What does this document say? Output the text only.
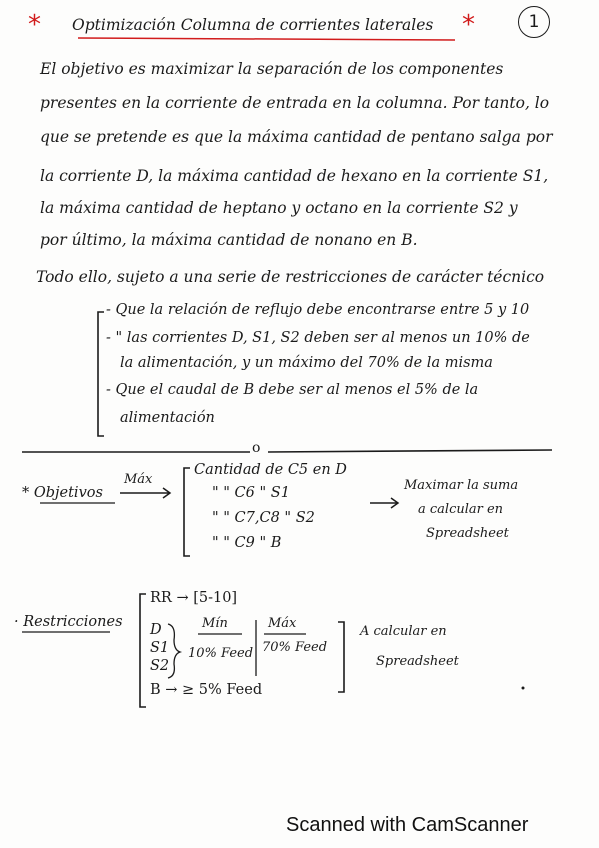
* Optimización Columna de corrientes laterales *	1
El objetivo es maximizar la separación de los componentes
presentes en la corriente de entrada en la columna. Por tanto, lo
que se pretende es que la máxima cantidad de pentano salga por
la corriente D, la máxima cantidad de hexano en la corriente S1,
la máxima cantidad de heptano y octano en la corriente S2 y
por último, la máxima cantidad de nonano en B.
Todo ello, sujeto a una serie de restricciones de carácter técnico
- Que la relación de reflujo debe encontrarse entre 5 y 10
- " las corrientes D, S1, S2 deben ser al menos un 10% de
la alimentación, y un máximo del 70% de la misma
- Que el caudal de B debe ser al menos el 5% de la
alimentación
o
* Objetivos
Máx
Cantidad de C5 en D
" " C6 " S1
" " C7,C8 " S2
" " C9 " B
Maximar la suma
a calcular en
Spreadsheet
· Restricciones
RR → [5-10]
D
S1
S2
Mín
10% Feed
Máx
70% Feed
B → ≥ 5% Feed
A calcular en
Spreadsheet
Scanned with CamScanner
